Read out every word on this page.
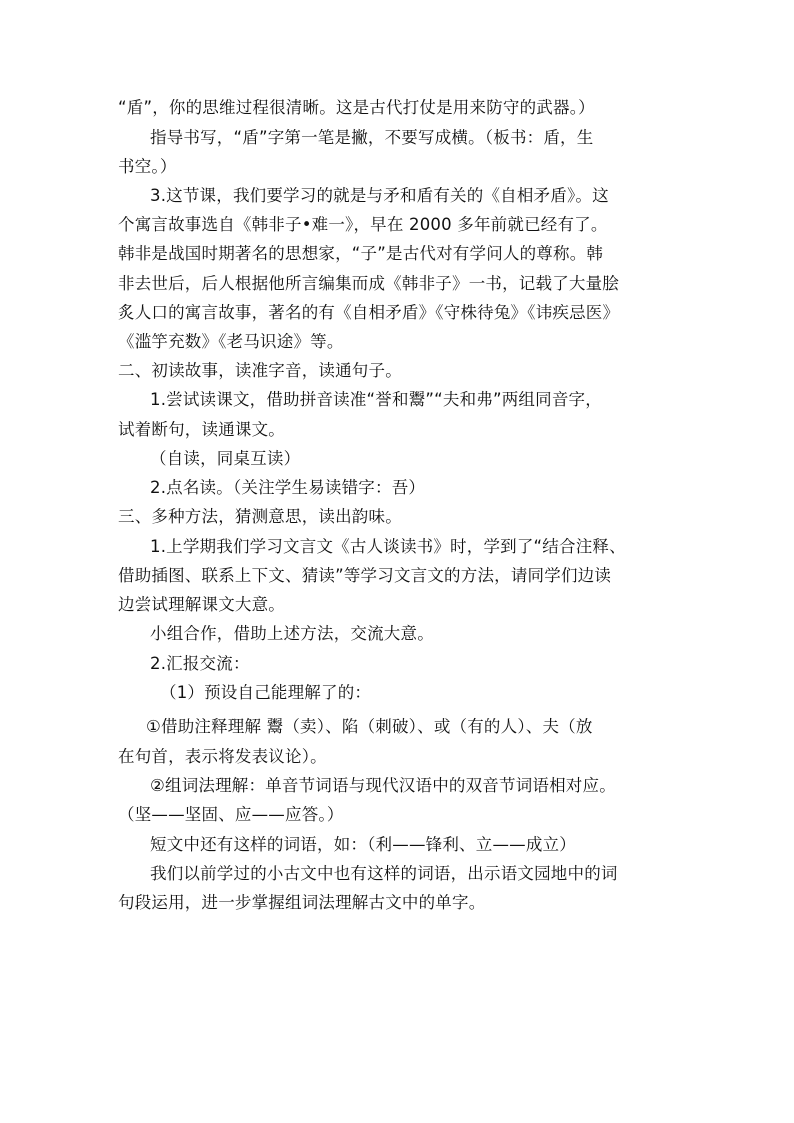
“盾”，你的思维过程很清晰。这是古代打仗是用来防守的武器。）
指导书写，“盾”字第一笔是撇，不要写成横。（板书：盾，生
书空。）
3.这节课，我们要学习的就是与矛和盾有关的《自相矛盾》。这
个寓言故事选自《韩非子•难一》，早在 2000 多年前就已经有了。
韩非是战国时期著名的思想家，“子”是古代对有学问人的尊称。韩
非去世后，后人根据他所言编集而成《韩非子》一书，记载了大量脍
炙人口的寓言故事，著名的有《自相矛盾》《守株待兔》《讳疾忌医》
《滥竽充数》《老马识途》等。
二、初读故事，读准字音，读通句子。
1.尝试读课文，借助拼音读准“誉和鬻”“夫和弗”两组同音字，
试着断句，读通课文。
（自读，同桌互读）
2.点名读。（关注学生易读错字：吾）
三、多种方法，猜测意思，读出韵味。
1.上学期我们学习文言文《古人谈读书》时，学到了“结合注释、
借助插图、联系上下文、猜读”等学习文言文的方法，请同学们边读
边尝试理解课文大意。
小组合作，借助上述方法，交流大意。
2.汇报交流：
（1）预设自己能理解了的：
①借助注释理解 鬻（卖）、陷（刺破）、或（有的人）、夫（放
在句首，表示将发表议论）。
②组词法理解：单音节词语与现代汉语中的双音节词语相对应。
（坚——坚固、应——应答。）
短文中还有这样的词语，如：（利——锋利、立——成立）
我们以前学过的小古文中也有这样的词语，出示语文园地中的词
句段运用，进一步掌握组词法理解古文中的单字。
